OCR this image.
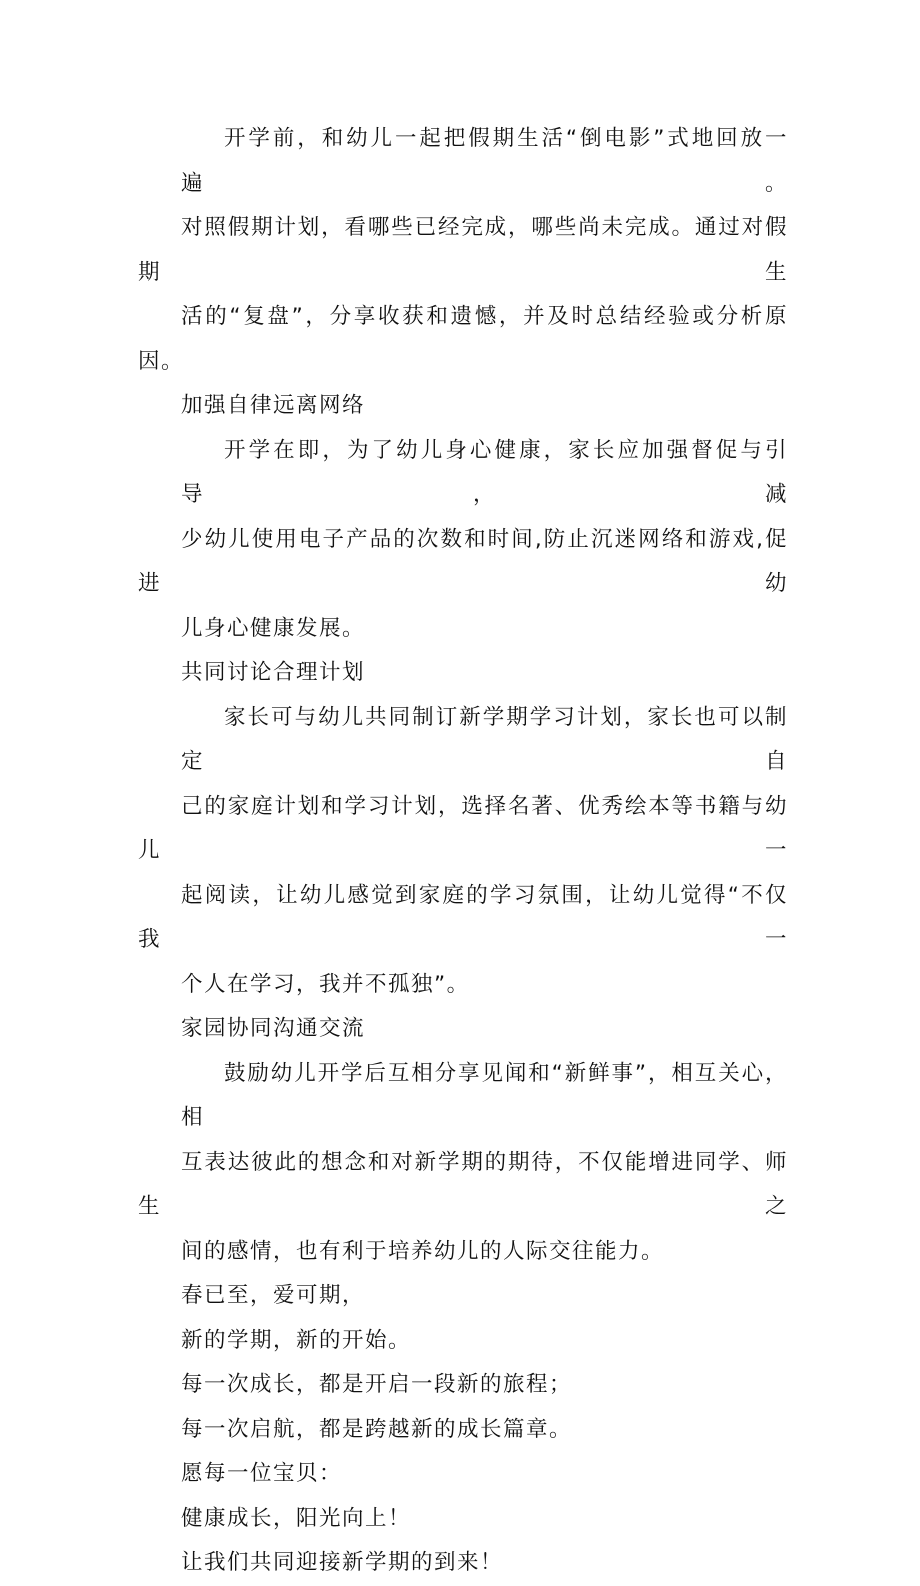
开学前，和幼儿一起把假期生活“倒电影”式地回放一遍。
对照假期计划，看哪些已经完成，哪些尚未完成。通过对假期生
活的“复盘”，分享收获和遗憾，并及时总结经验或分析原因。
加强自律远离网络
开学在即，为了幼儿身心健康，家长应加强督促与引导，减
少幼儿使用电子产品的次数和时间,防止沉迷网络和游戏,促进幼
儿身心健康发展。
共同讨论合理计划
家长可与幼儿共同制订新学期学习计划，家长也可以制定自
己的家庭计划和学习计划，选择名著、优秀绘本等书籍与幼儿一
起阅读，让幼儿感觉到家庭的学习氛围，让幼儿觉得“不仅我一
个人在学习，我并不孤独”。
家园协同沟通交流
鼓励幼儿开学后互相分享见闻和“新鲜事”，相互关心，相
互表达彼此的想念和对新学期的期待，不仅能增进同学、师生之
间的感情，也有利于培养幼儿的人际交往能力。
春已至，爱可期，
新的学期，新的开始。
每一次成长，都是开启一段新的旅程；
每一次启航，都是跨越新的成长篇章。
愿每一位宝贝：
健康成长，阳光向上！
让我们共同迎接新学期的到来！
